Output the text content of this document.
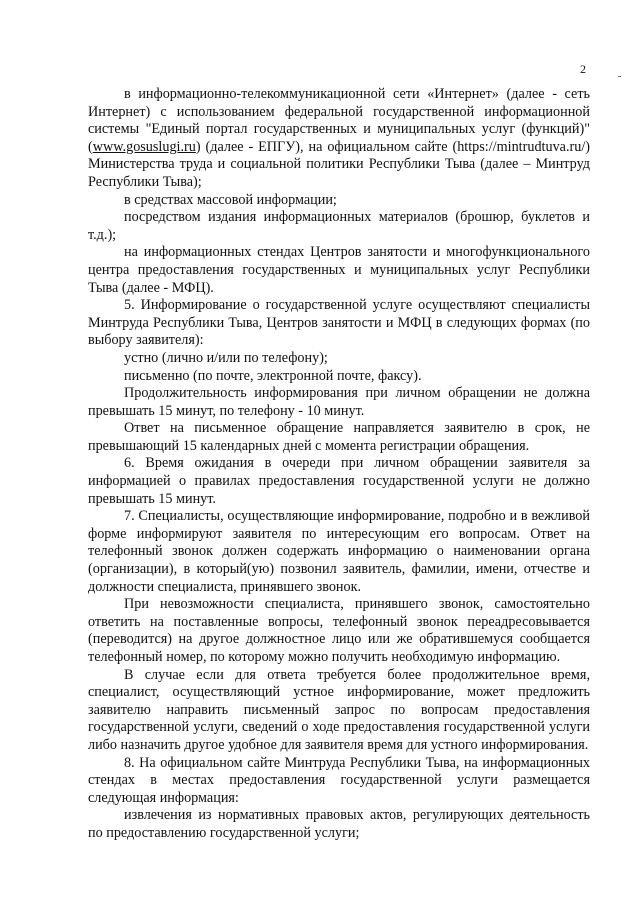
2

в информационно-телекоммуникационной сети «Интернет» (далее - сеть Интернет) с использованием федеральной государственной информационной системы "Единый портал государственных и муниципальных услуг (функций)" (www.gosuslugi.ru) (далее - ЕПГУ), на официальном сайте (https://mintrudtuva.ru/) Министерства труда и социальной политики Республики Тыва (далее – Минтруд Республики Тыва);

в средствах массовой информации;

посредством издания информационных материалов (брошюр, буклетов и т.д.);

на информационных стендах Центров занятости и многофункционального центра предоставления государственных и муниципальных услуг Республики Тыва (далее - МФЦ).

5. Информирование о государственной услуге осуществляют специалисты Минтруда Республики Тыва, Центров занятости и МФЦ в следующих формах (по выбору заявителя):

устно (лично и/или по телефону);

письменно (по почте, электронной почте, факсу).

Продолжительность информирования при личном обращении не должна превышать 15 минут, по телефону - 10 минут.

Ответ на письменное обращение направляется заявителю в срок, не превышающий 15 календарных дней с момента регистрации обращения.

6. Время ожидания в очереди при личном обращении заявителя за информацией о правилах предоставления государственной услуги не должно превышать 15 минут.

7. Специалисты, осуществляющие информирование, подробно и в вежливой форме информируют заявителя по интересующим его вопросам. Ответ на телефонный звонок должен содержать информацию о наименовании органа (организации), в который(ую) позвонил заявитель, фамилии, имени, отчестве и должности специалиста, принявшего звонок.

При невозможности специалиста, принявшего звонок, самостоятельно ответить на поставленные вопросы, телефонный звонок переадресовывается (переводится) на другое должностное лицо или же обратившемуся сообщается телефонный номер, по которому можно получить необходимую информацию.

В случае если для ответа требуется более продолжительное время, специалист, осуществляющий устное информирование, может предложить заявителю направить письменный запрос по вопросам предоставления государственной услуги, сведений о ходе предоставления государственной услуги либо назначить другое удобное для заявителя время для устного информирования.

8. На официальном сайте Минтруда Республики Тыва, на информационных стендах в местах предоставления государственной услуги размещается следующая информация:

извлечения из нормативных правовых актов, регулирующих деятельность по предоставлению государственной услуги;
